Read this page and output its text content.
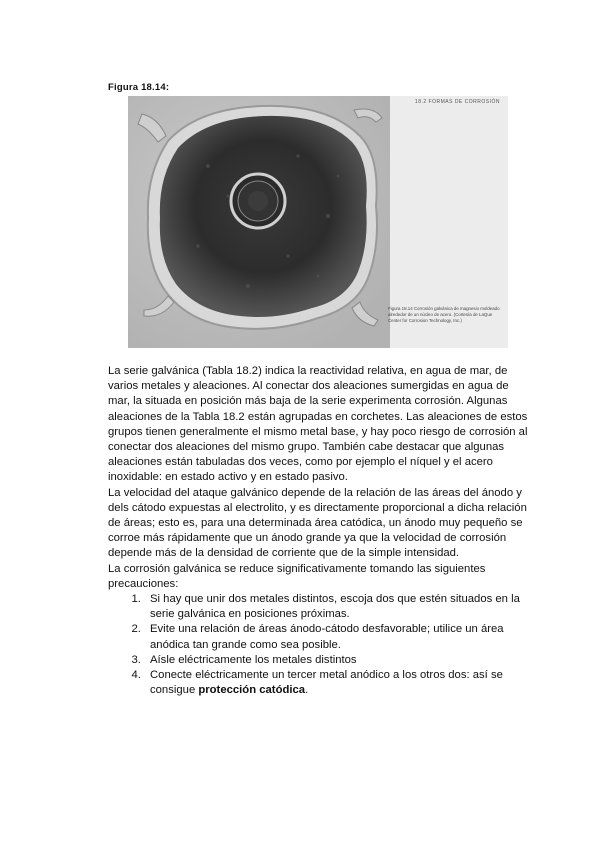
Figura 18.14:
18.2 FORMAS DE CORROSIÓN
Figura 18.14 Corrosión galvánica de magnesio moldeado alrededor de un núcleo de acero. (Cortesía de LaQue Center for Corrosion Technology, Inc.)

La serie galvánica (Tabla 18.2) indica la reactividad relativa, en agua de mar, de varios metales y aleaciones. Al conectar dos aleaciones sumergidas en agua de mar, la situada en posición más baja de la serie experimenta corrosión. Algunas aleaciones de la Tabla 18.2 están agrupadas en corchetes. Las aleaciones de estos grupos tienen generalmente el mismo metal base, y hay poco riesgo de corrosión al conectar dos aleaciones del mismo grupo. También cabe destacar que algunas aleaciones están tabuladas dos veces, como por ejemplo el níquel y el acero inoxidable: en estado activo y en estado pasivo.

La velocidad del ataque galvánico depende de la relación de las áreas del ánodo y dels cátodo expuestas al electrolito, y es directamente proporcional a dicha relación de áreas; esto es, para una determinada área catódica, un ánodo muy pequeño se corroe más rápidamente que un ánodo grande ya que la velocidad de corrosión depende más de la densidad de corriente que de la simple intensidad.

La corrosión galvánica se reduce significativamente tomando las siguientes precauciones:

1. Si hay que unir dos metales distintos, escoja dos que estén situados en la serie galvánica en posiciones próximas.
2. Evite una relación de áreas ánodo-cátodo desfavorable; utilice un área anódica tan grande como sea posible.
3. Aísle eléctricamente los metales distintos
4. Conecte eléctricamente un tercer metal anódico a los otros dos: así se consigue protección catódica.
